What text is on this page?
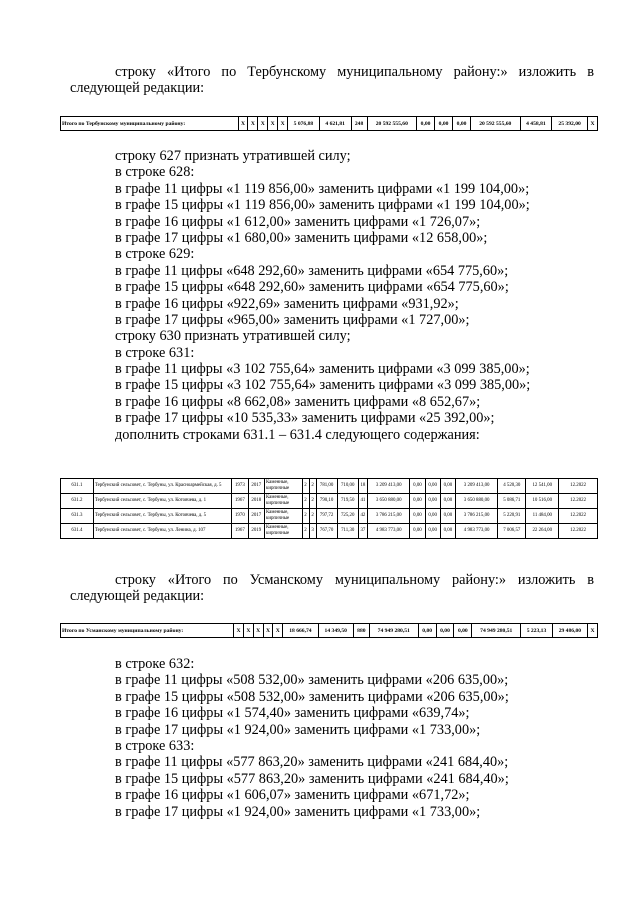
строку «Итого по Тербунскому муниципальному району:» изложить в следующей редакции:
Итого по Тербунскому муниципальному району:	X	X	X	X	X	5 076,88	4 621,81	248	20 592 555,60	0,00	0,00	0,00	20 592 555,60	4 458,81	25 392,00	X
строку 627 признать утратившей силу;
в строке 628:
в графе 11 цифры «1 119 856,00» заменить цифрами «1 199 104,00»;
в графе 15 цифры «1 119 856,00» заменить цифрами «1 199 104,00»;
в графе 16 цифры «1 612,00» заменить цифрами «1 726,07»;
в графе 17 цифры «1 680,00» заменить цифрами «12 658,00»;
в строке 629:
в графе 11 цифры «648 292,60» заменить цифрами «654 775,60»;
в графе 15 цифры «648 292,60» заменить цифрами «654 775,60»;
в графе 16 цифры «922,69» заменить цифрами «931,92»;
в графе 17 цифры «965,00» заменить цифрами «1 727,00»;
строку 630 признать утратившей силу;
в строке 631:
в графе 11 цифры «3 102 755,64» заменить цифрами «3 099 385,00»;
в графе 15 цифры «3 102 755,64» заменить цифрами «3 099 385,00»;
в графе 16 цифры «8 662,08» заменить цифрами «8 652,67»;
в графе 17 цифры «10 535,33» заменить цифрами «25 392,00»;
дополнить строками 631.1 – 631.4 следующего содержания:
631.1	Тербунский сельсовет, с. Тербуны, ул. Красноармейская, д. 5	1973	2017	Каменные, кирпичные	2	2	781,00	710,00	18	3 209 413,00	0,00	0,00	0,00	3 209 413,00	4 520,30	12 541,00	12.2022
631.2	Тербунский сельсовет, с. Тербуны, ул. Котовчева, д. 1	1967	2018	Каменные, кирпичные	2	2	790,10	719,50	41	3 650 880,00	0,00	0,00	0,00	3 650 880,00	5 086,71	10 516,00	12.2022
631.3	Тербунский сельсовет, с. Тербуны, ул. Котовчева, д. 5	1970	2017	Каменные, кирпичные	2	2	797,72	725,20	42	3 786 215,00	0,00	0,00	0,00	3 786 215,00	5 220,91	11 484,00	12.2022
631.4	Тербунский сельсовет, с. Тербуны, ул. Ленина, д. 107	1967	2019	Каменные, кирпичные	2	3	767,70	711,30	37	4 983 773,00	0,00	0,00	0,00	4 983 773,00	7 006,57	22 264,00	12.2022
строку «Итого по Усманскому муниципальному району:» изложить в следующей редакции:
Итого по Усманскому муниципальному району:	X	X	X	X	X	18 666,74	14 349,50	880	74 949 280,51	0,00	0,00	0,00	74 949 280,51	5 223,13	29 486,00	X
в строке 632:
в графе 11 цифры «508 532,00» заменить цифрами «206 635,00»;
в графе 15 цифры «508 532,00» заменить цифрами «206 635,00»;
в графе 16 цифры «1 574,40» заменить цифрами «639,74»;
в графе 17 цифры «1 924,00» заменить цифрами «1 733,00»;
в строке 633:
в графе 11 цифры «577 863,20» заменить цифрами «241 684,40»;
в графе 15 цифры «577 863,20» заменить цифрами «241 684,40»;
в графе 16 цифры «1 606,07» заменить цифрами «671,72»;
в графе 17 цифры «1 924,00» заменить цифрами «1 733,00»;
